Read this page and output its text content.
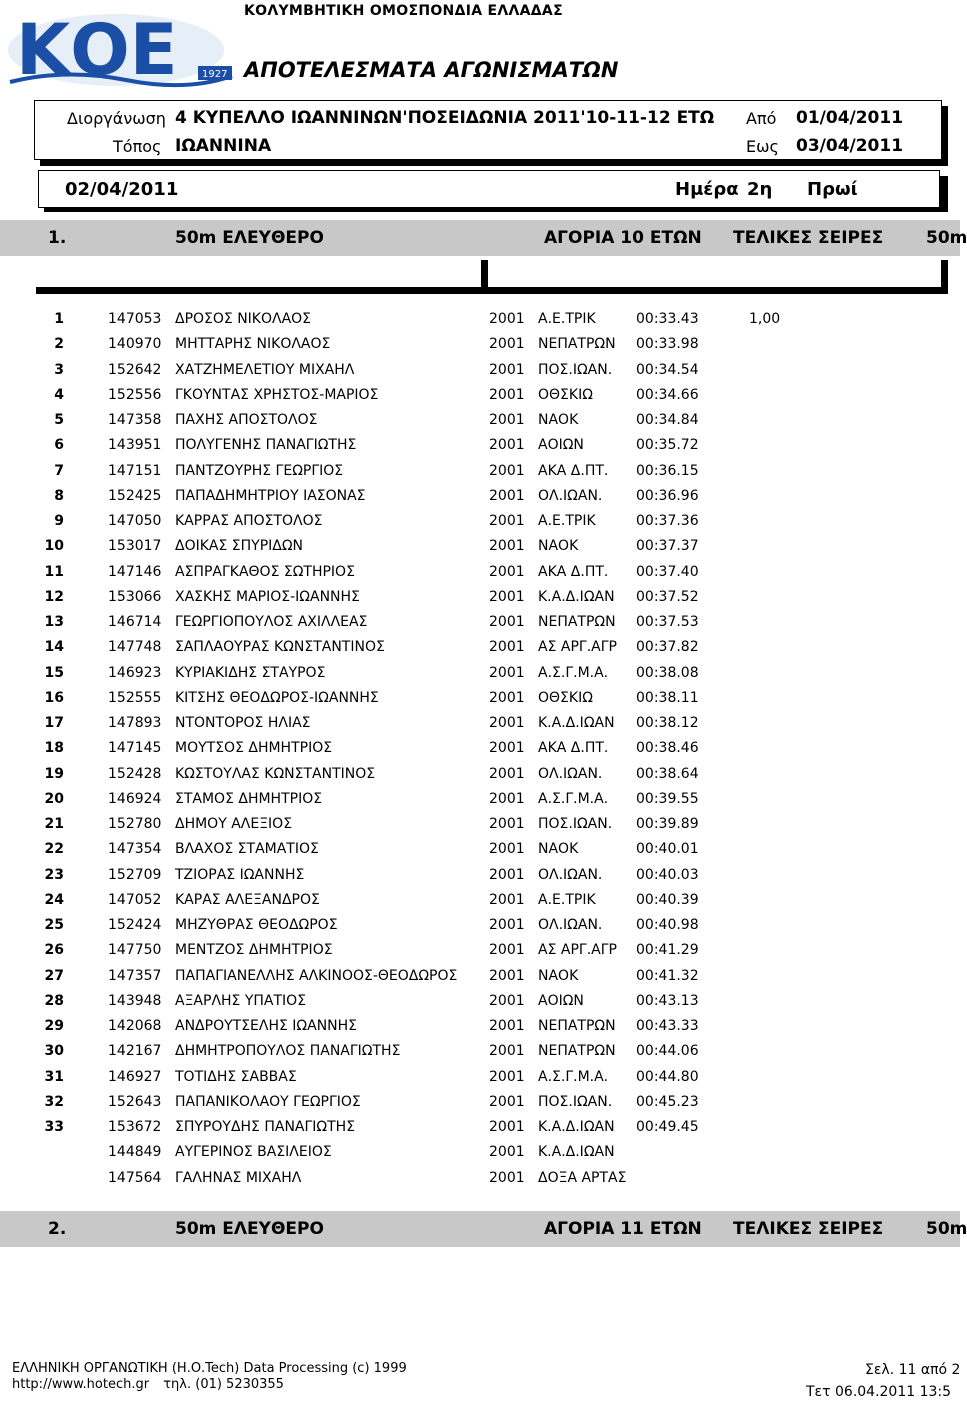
ΚΟΕ 1927
ΚΟΛΥΜΒΗΤΙΚΗ ΟΜΟΣΠΟΝΔΙΑ ΕΛΛΑΔΑΣ
ΑΠΟΤΕΛΕΣΜΑΤΑ ΑΓΩΝΙΣΜΑΤΩΝ
Διοργάνωση 4 ΚΥΠΕΛΛΟ ΙΩΑΝΝΙΝΩΝ'ΠΟΣΕΙΔΩΝΙΑ 2011'10-11-12 ΕΤΩ
Τόπος ΙΩΑΝΝΙΝΑ
Από 01/04/2011
Εως 03/04/2011
02/04/2011	Ημέρα 2η Πρωί
1.	50m ΕΛΕΥΘΕΡΟ	ΑΓΟΡΙΑ 10 ΕΤΩΝ ΤΕΛΙΚΕΣ ΣΕΙΡΕΣ	50m
1	147053 ΔΡΟΣΟΣ ΝΙΚΟΛΑΟΣ	2001 Α.Ε.ΤΡΙΚ	00:33.43	1,00
2	140970 ΜΗΤΤΑΡΗΣ ΝΙΚΟΛΑΟΣ	2001 ΝΕΠΑΤΡΩΝ 00:33.98
3	152642 ΧΑΤΖΗΜΕΛΕΤΙΟΥ ΜΙΧΑΗΛ	2001 ΠΟΣ.ΙΩΑΝ. 00:34.54
4	152556 ΓΚΟΥΝΤΑΣ ΧΡΗΣΤΟΣ-ΜΑΡΙΟΣ	2001 ΟΘΣΚΙΩ	00:34.66
5	147358 ΠΑΧΗΣ ΑΠΟΣΤΟΛΟΣ	2001 ΝΑΟΚ	00:34.84
6	143951 ΠΟΛΥΓΕΝΗΣ ΠΑΝΑΓΙΩΤΗΣ	2001 ΑΟΙΩΝ	00:35.72
7	147151 ΠΑΝΤΖΟΥΡΗΣ ΓΕΩΡΓΙΟΣ	2001 ΑΚΑ Δ.ΠΤ. 00:36.15
8	152425 ΠΑΠΑΔΗΜΗΤΡΙΟΥ ΙΑΣΟΝΑΣ	2001 ΟΛ.ΙΩΑΝ. 00:36.96
9	147050 ΚΑΡΡΑΣ ΑΠΟΣΤΟΛΟΣ	2001 Α.Ε.ΤΡΙΚ	00:37.36
10	153017 ΔΟΙΚΑΣ ΣΠΥΡΙΔΩΝ	2001 ΝΑΟΚ	00:37.37
11	147146 ΑΣΠΡΑΓΚΑΘΟΣ ΣΩΤΗΡΙΟΣ	2001 ΑΚΑ Δ.ΠΤ. 00:37.40
12	153066 ΧΑΣΚΗΣ ΜΑΡΙΟΣ-ΙΩΑΝΝΗΣ	2001 Κ.Α.Δ.ΙΩΑΝ 00:37.52
13	146714 ΓΕΩΡΓΙΟΠΟΥΛΟΣ ΑΧΙΛΛΕΑΣ	2001 ΝΕΠΑΤΡΩΝ 00:37.53
14	147748 ΣΑΠΛΑΟΥΡΑΣ ΚΩΝΣΤΑΝΤΙΝΟΣ	2001 ΑΣ ΑΡΓ.ΑΓΡ 00:37.82
15	146923 ΚΥΡΙΑΚΙΔΗΣ ΣΤΑΥΡΟΣ	2001 Α.Σ.Γ.Μ.Α. 00:38.08
16	152555 ΚΙΤΣΗΣ ΘΕΟΔΩΡΟΣ-ΙΩΑΝΝΗΣ	2001 ΟΘΣΚΙΩ	00:38.11
17	147893 ΝΤΟΝΤΟΡΟΣ ΗΛΙΑΣ	2001 Κ.Α.Δ.ΙΩΑΝ 00:38.12
18	147145 ΜΟΥΤΣΟΣ ΔΗΜΗΤΡΙΟΣ	2001 ΑΚΑ Δ.ΠΤ. 00:38.46
19	152428 ΚΩΣΤΟΥΛΑΣ ΚΩΝΣΤΑΝΤΙΝΟΣ	2001 ΟΛ.ΙΩΑΝ. 00:38.64
20	146924 ΣΤΑΜΟΣ ΔΗΜΗΤΡΙΟΣ	2001 Α.Σ.Γ.Μ.Α. 00:39.55
21	152780 ΔΗΜΟΥ ΑΛΕΞΙΟΣ	2001 ΠΟΣ.ΙΩΑΝ. 00:39.89
22	147354 ΒΛΑΧΟΣ ΣΤΑΜΑΤΙΟΣ	2001 ΝΑΟΚ	00:40.01
23	152709 ΤΖΙΟΡΑΣ ΙΩΑΝΝΗΣ	2001 ΟΛ.ΙΩΑΝ. 00:40.03
24	147052 ΚΑΡΑΣ ΑΛΕΞΑΝΔΡΟΣ	2001 Α.Ε.ΤΡΙΚ	00:40.39
25	152424 ΜΗΖΥΘΡΑΣ ΘΕΟΔΩΡΟΣ	2001 ΟΛ.ΙΩΑΝ. 00:40.98
26	147750 ΜΕΝΤΖΟΣ ΔΗΜΗΤΡΙΟΣ	2001 ΑΣ ΑΡΓ.ΑΓΡ 00:41.29
27	147357 ΠΑΠΑΓΙΑΝΕΛΛΗΣ ΑΛΚΙΝΟΟΣ-ΘΕΟΔΩΡΟΣ 2001 ΝΑΟΚ	00:41.32
28	143948 ΑΞΑΡΛΗΣ ΥΠΑΤΙΟΣ	2001 ΑΟΙΩΝ	00:43.13
29	142068 ΑΝΔΡΟΥΤΣΕΛΗΣ ΙΩΑΝΝΗΣ	2001 ΝΕΠΑΤΡΩΝ 00:43.33
30	142167 ΔΗΜΗΤΡΟΠΟΥΛΟΣ ΠΑΝΑΓΙΩΤΗΣ	2001 ΝΕΠΑΤΡΩΝ 00:44.06
31	146927 ΤΟΤΙΔΗΣ ΣΑΒΒΑΣ	2001 Α.Σ.Γ.Μ.Α. 00:44.80
32	152643 ΠΑΠΑΝΙΚΟΛΑΟΥ ΓΕΩΡΓΙΟΣ	2001 ΠΟΣ.ΙΩΑΝ. 00:45.23
33	153672 ΣΠΥΡΟΥΔΗΣ ΠΑΝΑΓΙΩΤΗΣ	2001 Κ.Α.Δ.ΙΩΑΝ 00:49.45
144849 ΑΥΓΕΡΙΝΟΣ ΒΑΣΙΛΕΙΟΣ	2001 Κ.Α.Δ.ΙΩΑΝ
147564 ΓΑΛΗΝΑΣ ΜΙΧΑΗΛ	2001 ΔΟΞΑ ΑΡΤΑΣ
2.	50m ΕΛΕΥΘΕΡΟ	ΑΓΟΡΙΑ 11 ΕΤΩΝ ΤΕΛΙΚΕΣ ΣΕΙΡΕΣ	50m
ΕΛΛΗΝΙΚΗ ΟΡΓΑΝΩΤΙΚΗ (Η.Ο.Tech) Data Processing (c) 1999
http://www.hotech.gr τηλ. (01) 5230355
Σελ. 11 από 2
Τετ 06.04.2011 13:5
